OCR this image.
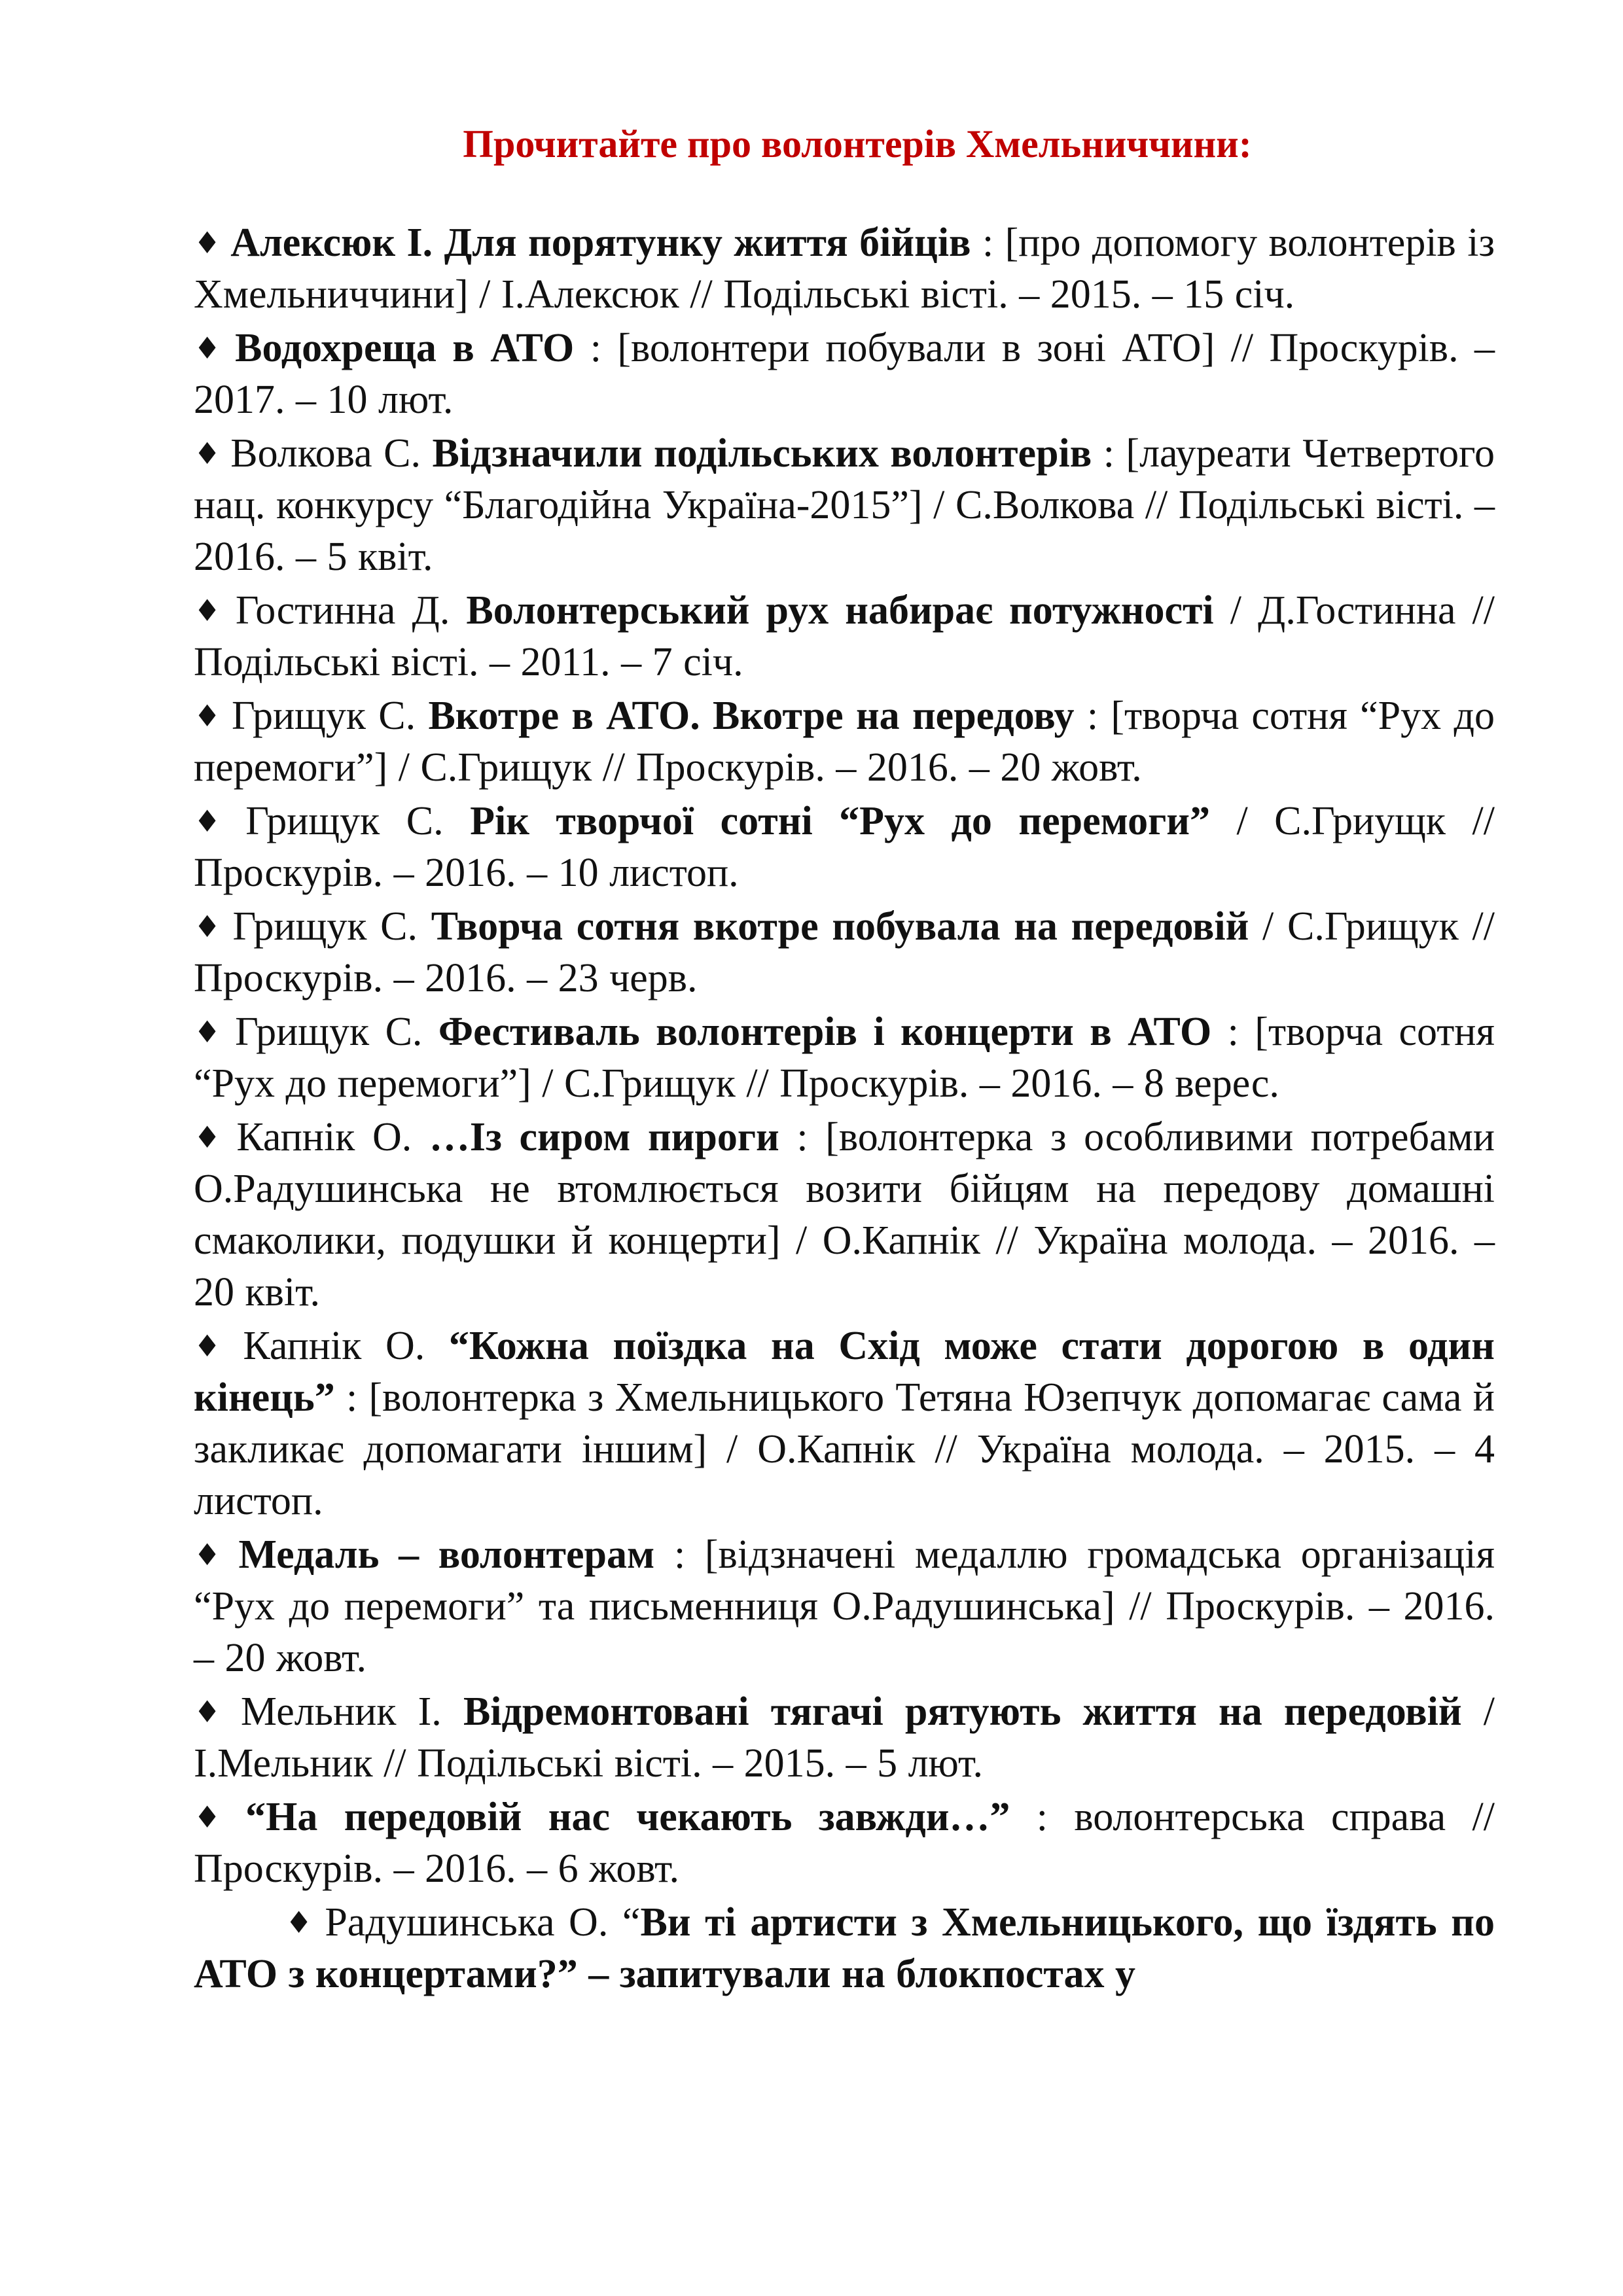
Прочитайте про волонтерів Хмельниччини:

♦ Алексюк І. Для порятунку життя бійців : [про допомогу волонтерів із Хмельниччини] / І.Алексюк // Подільські вісті. – 2015. – 15 січ.

♦ Водохреща в АТО : [волонтери побували в зоні АТО] // Проскурів. – 2017. – 10 лют.

♦ Волкова С. Відзначили подільських волонтерів : [лауреати Четвертого нац. конкурсу “Благодійна Україна-2015”] / С.Волкова // Подільські вісті. – 2016. – 5 квіт.

♦ Гостинна Д. Волонтерський рух набирає потужності / Д.Гостинна // Подільські вісті. – 2011. – 7 січ.

♦ Грищук С. Вкотре в АТО. Вкотре на передову : [творча сотня “Рух до перемоги”] / С.Грищук // Проскурів. – 2016. – 20 жовт.

♦ Грищук С. Рік творчої сотні “Рух до перемоги” / С.Гриущк // Проскурів. – 2016. – 10 листоп.

♦ Грищук С. Творча сотня вкотре побувала на передовій / С.Грищук // Проскурів. – 2016. – 23 черв.

♦ Грищук С. Фестиваль волонтерів і концерти в АТО : [творча сотня “Рух до перемоги”] / С.Грищук // Проскурів. – 2016. – 8 верес.

♦ Капнік О. …Із сиром пироги : [волонтерка з особливими потребами О.Радушинська не втомлюється возити бійцям на передову домашні смаколики, подушки й концерти] / О.Капнік // Україна молода. – 2016. – 20 квіт.

♦ Капнік О. “Кожна поїздка на Схід може стати дорогою в один кінець” : [волонтерка з Хмельницького Тетяна Юзепчук допомагає сама й закликає допомагати іншим] / О.Капнік // Україна молода. – 2015. – 4 листоп.

♦ Медаль – волонтерам : [відзначені медаллю громадська організація “Рух до перемоги” та письменниця О.Радушинська] // Проскурів. – 2016. – 20 жовт.

♦ Мельник І. Відремонтовані тягачі рятують життя на передовій / І.Мельник // Подільські вісті. – 2015. – 5 лют.

♦ “На передовій нас чекають завжди…” : волонтерська справа // Проскурів. – 2016. – 6 жовт.

♦ Радушинська О. “Ви ті артисти з Хмельницького, що їздять по АТО з концертами?” – запитували на блокпостах у
